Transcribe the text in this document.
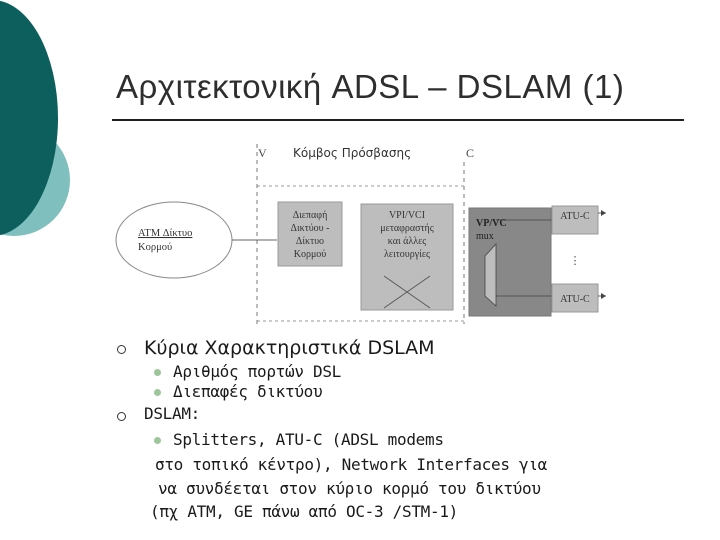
Αρχιτεκτονική ADSL – DSLAM (1)
V	C
Κόμβος Πρόσβασης
ATM Δίκτυο
Κορμού
Διεπαφή
Δικτύου -
Δίκτυο
Κορμού
VPI/VCI
μεταφραστής
και άλλες
λειτουργίες
VP/VC
mux
ATU-C
⋮
ATU-C
Κύρια Χαρακτηριστικά DSLAM
Αριθμός πορτών DSL
Διεπαφές δικτύου
DSLAM:
Splitters, ATU-C (ADSL modems
στο τοπικό κέντρο), Network Interfaces για
να συνδέεται στον κύριο κορμό του δικτύου
(πχ ATM, GE πάνω από OC-3 /STM-1)
